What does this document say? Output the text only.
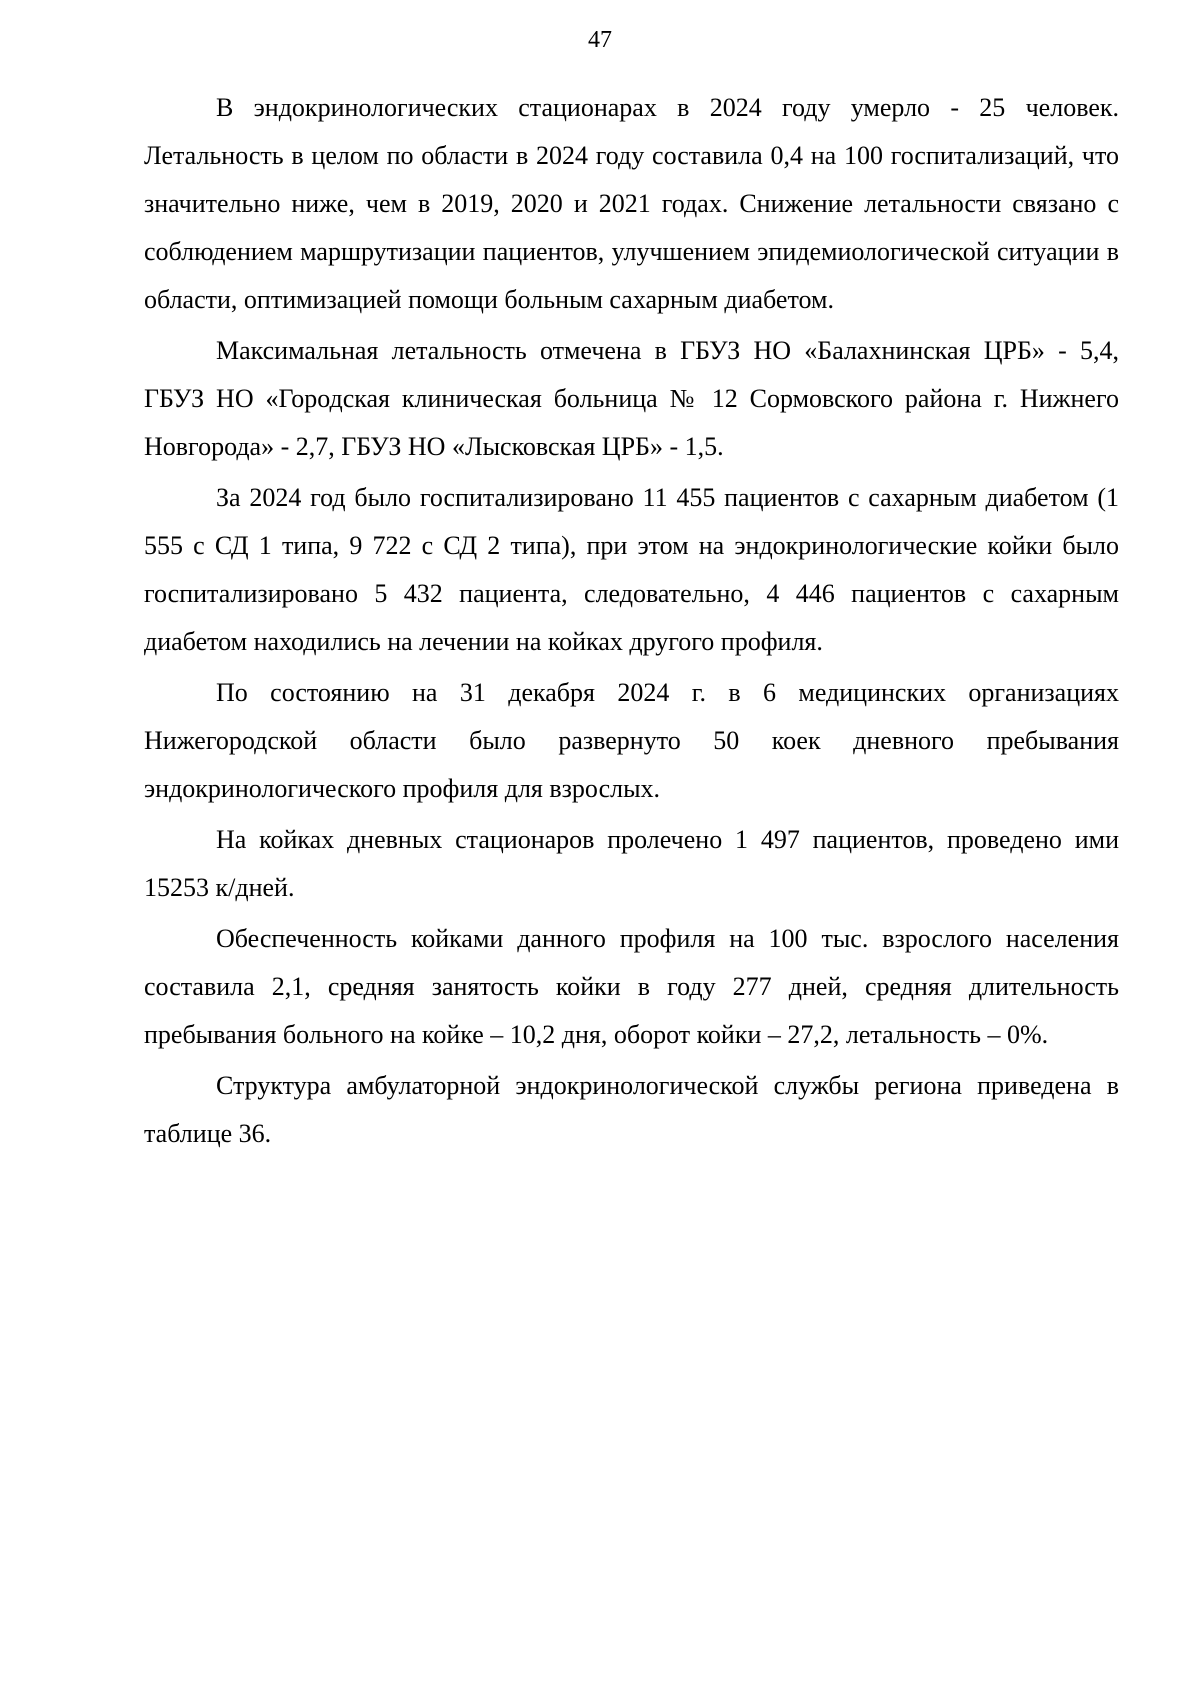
47

В эндокринологических стационарах в 2024 году умерло - 25 человек. Летальность в целом по области в 2024 году составила 0,4 на 100 госпитализаций, что значительно ниже, чем в 2019, 2020 и 2021 годах. Снижение летальности связано с соблюдением маршрутизации пациентов, улучшением эпидемиологической ситуации в области, оптимизацией помощи больным сахарным диабетом.

Максимальная летальность отмечена в ГБУЗ НО «Балахнинская ЦРБ» - 5,4, ГБУЗ НО «Городская клиническая больница № 12 Сормовского района г. Нижнего Новгорода» - 2,7, ГБУЗ НО «Лысковская ЦРБ» - 1,5.

За 2024 год было госпитализировано 11 455 пациентов с сахарным диабетом (1 555 с СД 1 типа, 9 722 с СД 2 типа), при этом на эндокринологические койки было госпитализировано 5 432 пациента, следовательно, 4 446 пациентов с сахарным диабетом находились на лечении на койках другого профиля.

По состоянию на 31 декабря 2024 г. в 6 медицинских организациях Нижегородской области было развернуто 50 коек дневного пребывания эндокринологического профиля для взрослых.

На койках дневных стационаров пролечено 1 497 пациентов, проведено ими 15253 к/дней.

Обеспеченность койками данного профиля на 100 тыс. взрослого населения составила 2,1, средняя занятость койки в году 277 дней, средняя длительность пребывания больного на койке – 10,2 дня, оборот койки – 27,2, летальность – 0%.

Структура амбулаторной эндокринологической службы региона приведена в таблице 36.
